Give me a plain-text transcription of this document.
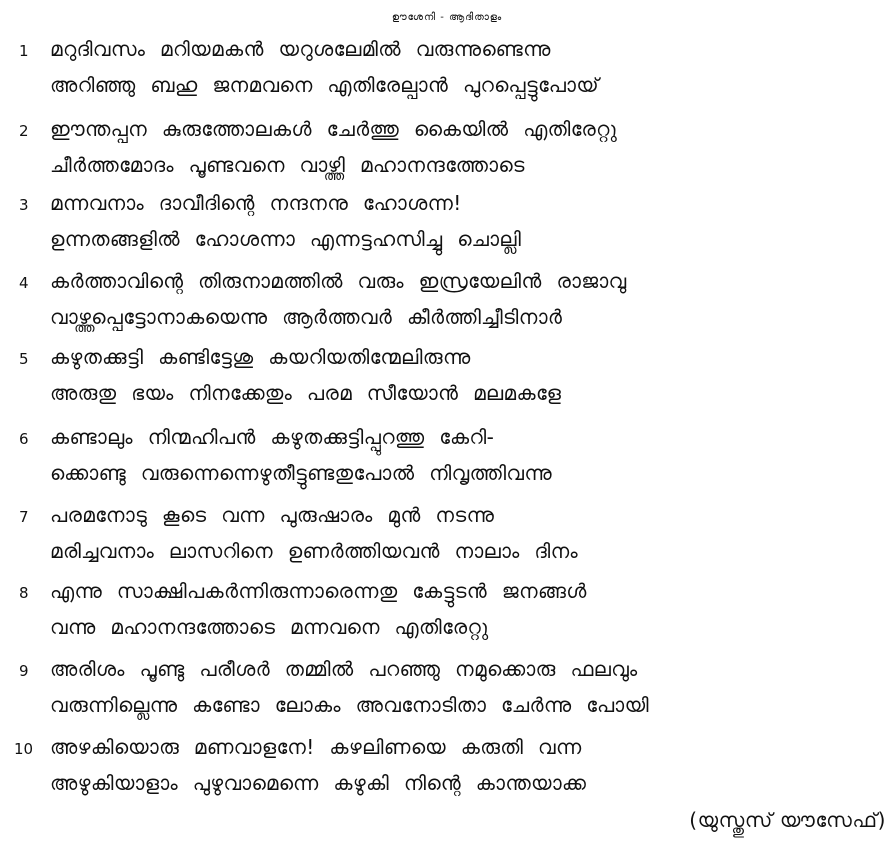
ഊശേനി - ആദിതാളം
1 മറുദിവസം മറിയമകൻ യറുശലേമിൽ വരുന്നുണ്ടെന്നു
അറിഞ്ഞു ബഹു ജനമവനെ എതിരേല്പാൻ പുറപ്പെട്ടുപോയ്
2 ഈന്തപ്പന കുരുത്തോലകൾ ചേർത്തു കൈയിൽ എതിരേറ്റു
ചീർത്തമോദം പൂണ്ടവനെ വാഴ്ത്തി മഹാനന്ദത്തോടെ
3 മന്നവനാം ദാവീദിന്റെ നന്ദനനു ഹോശന്ന!
ഉന്നതങ്ങളിൽ ഹോശന്നാ എന്നട്ടഹസിച്ചു ചൊല്ലി
4 കർത്താവിന്റെ തിരുനാമത്തിൽ വരും ഇസ്രയേലിൻ രാജാവു
വാഴ്ത്തപ്പെട്ടോനാകയെന്നു ആർത്തവർ കീർത്തിച്ചീടിനാർ
5 കഴുതക്കുട്ടി കണ്ടിട്ടേശു കയറിയതിന്മേലിരുന്നു
അരുതു ഭയം നിനക്കേതും പരമ സീയോൻ മലമകളേ
6 കണ്ടാലും നിന്മഹിപൻ കഴുതക്കുട്ടിപ്പുറത്തു കേറി-
ക്കൊണ്ടു വരുന്നെന്നെഴുതീട്ടുണ്ടതുപോൽ നിവൃത്തിവന്നു
7 പരമനോടു കൂടെ വന്ന പുരുഷാരം മുൻ നടന്നു
മരിച്ചവനാം ലാസറിനെ ഉണർത്തിയവൻ നാലാം ദിനം
8 എന്നു സാക്ഷിപകർന്നിരുന്നാരെന്നതു കേട്ടുടൻ ജനങ്ങൾ
വന്നു മഹാനന്ദത്തോടെ മന്നവനെ എതിരേറ്റു
9 അരിശം പൂണ്ടു പരീശർ തമ്മിൽ പറഞ്ഞു നമുക്കൊരു ഫലവും
വരുന്നില്ലെന്നു കണ്ടോ ലോകം അവനോടിതാ ചേർന്നു പോയി
10 അഴകിയൊരു മണവാളനേ! കഴലിണയെ കരുതി വന്ന
അഴുകിയാളാം പുഴുവാമെന്നെ കഴുകി നിന്റെ കാന്തയാക്ക
(യുസ്തുസ് യൗസേഫ്)
